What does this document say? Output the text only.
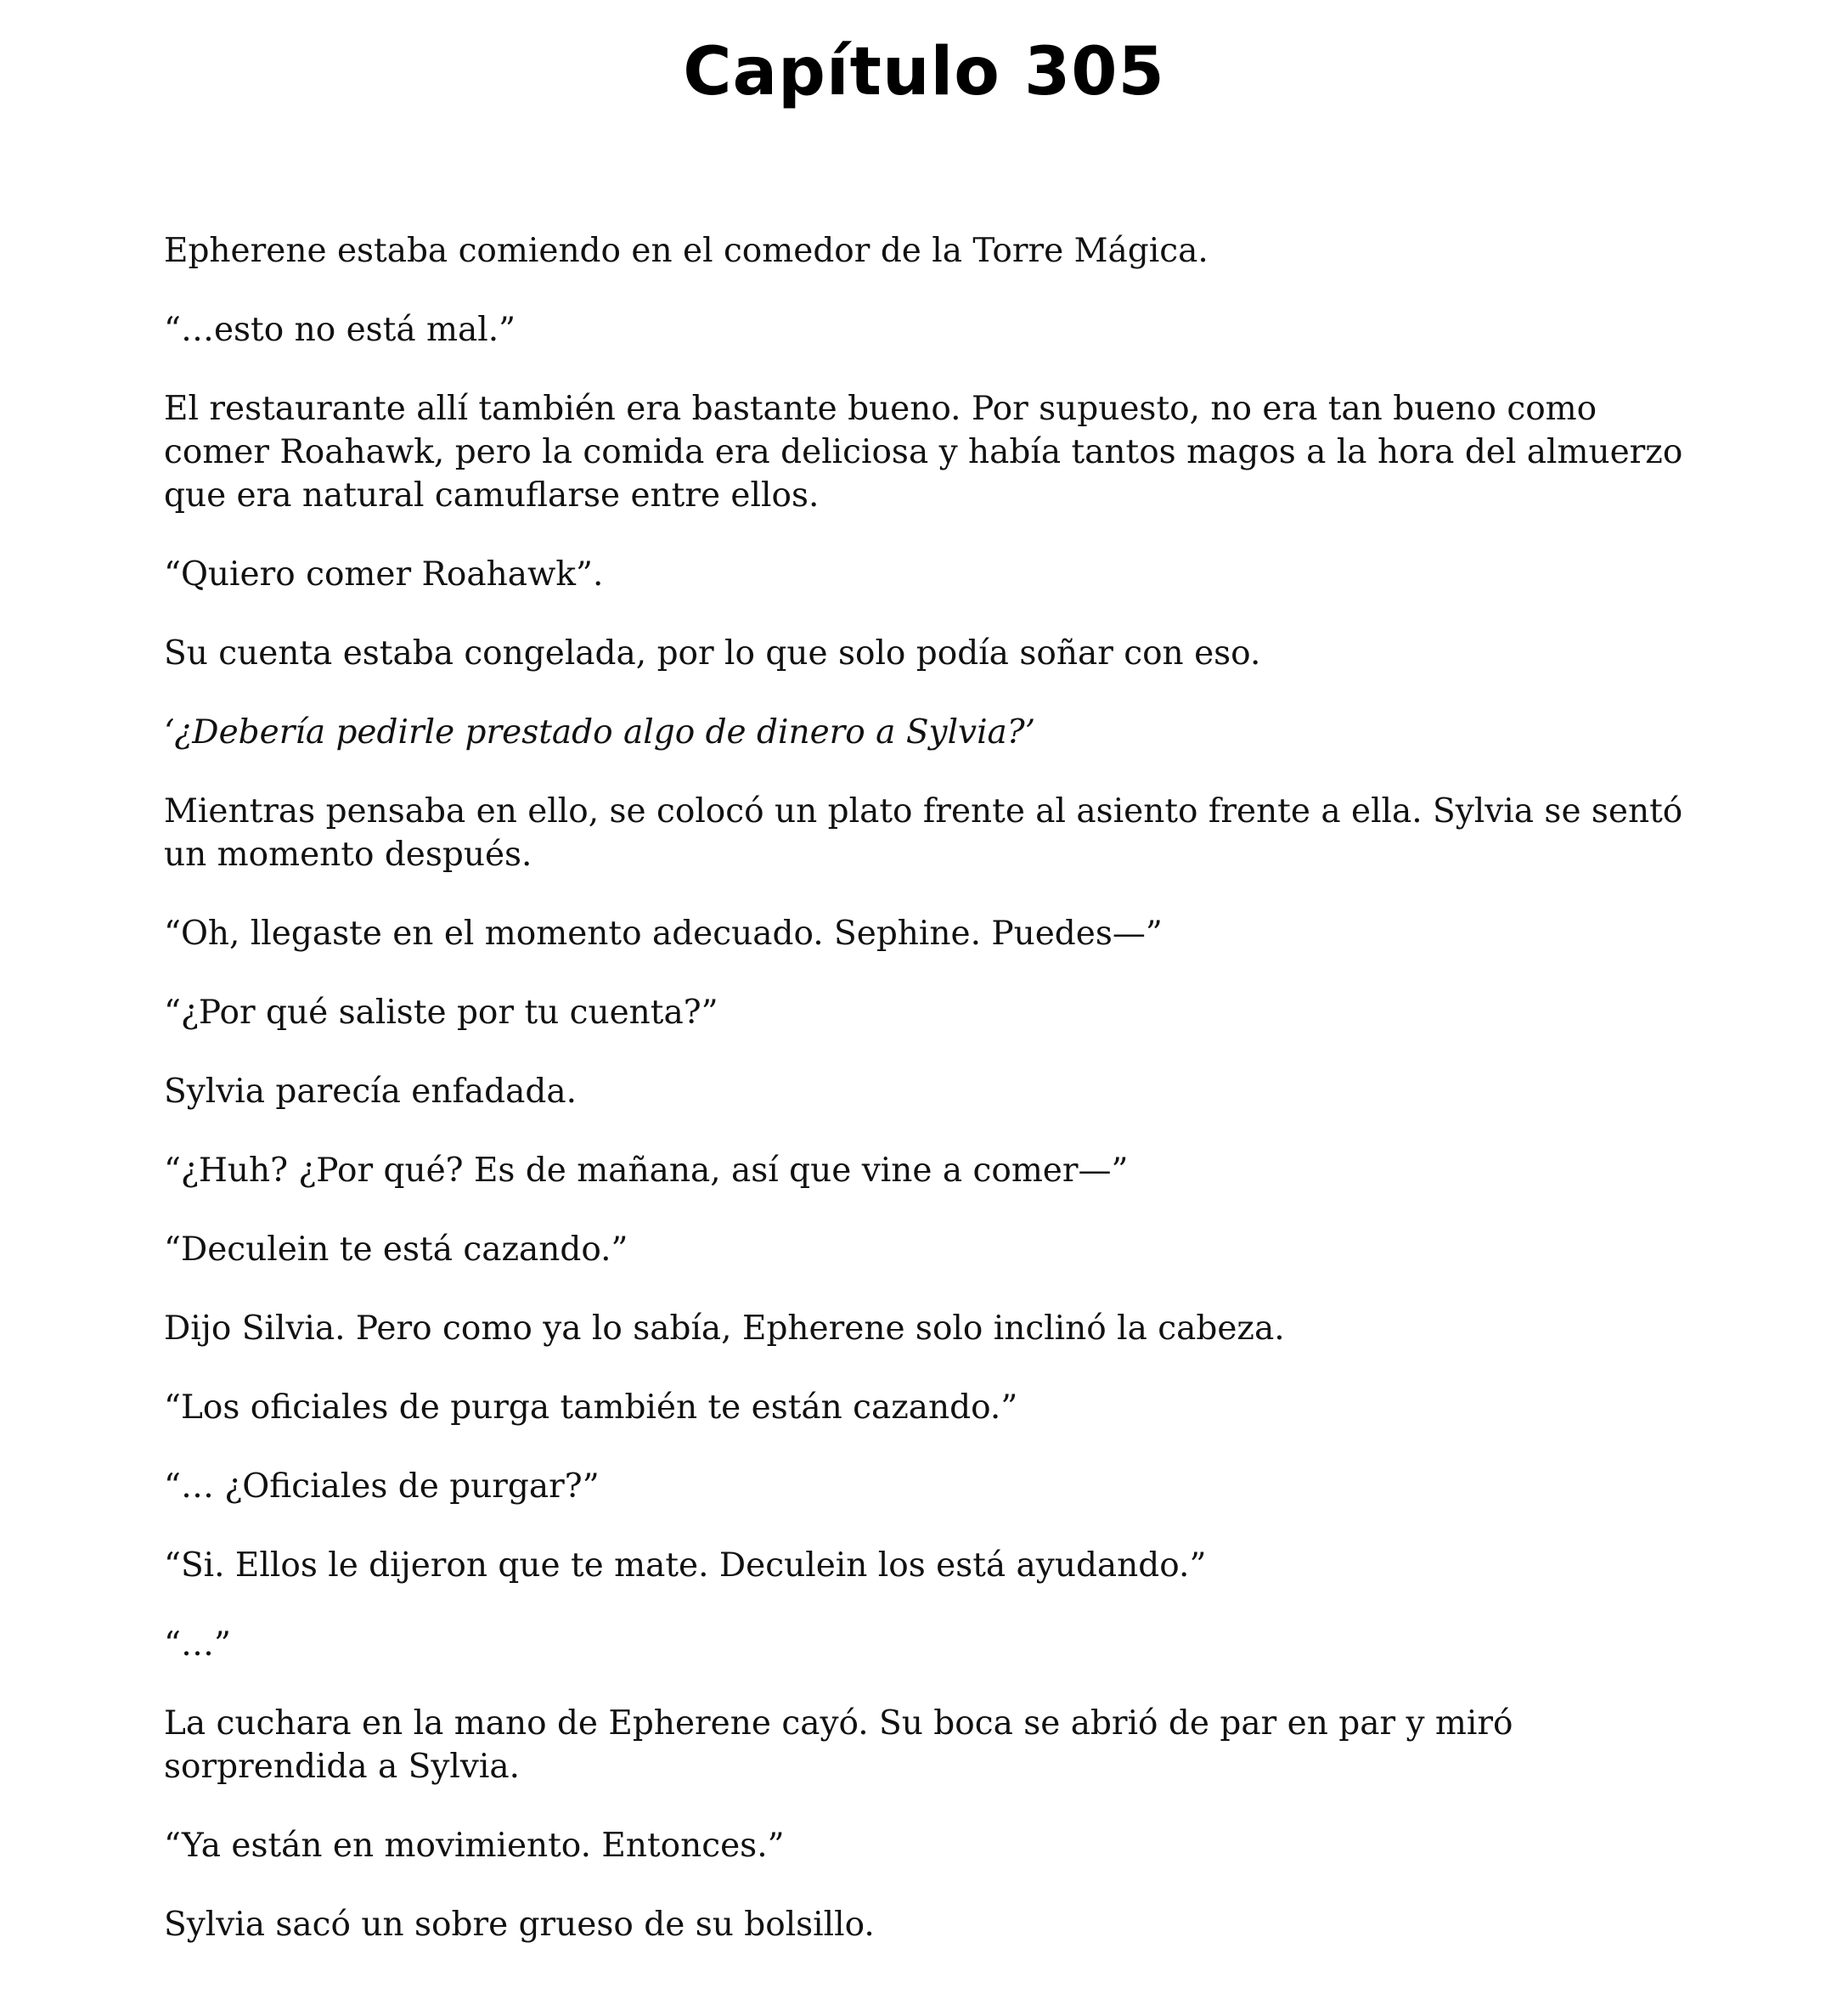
Capítulo 305

Epherene estaba comiendo en el comedor de la Torre Mágica.

“…esto no está mal.”

El restaurante allí también era bastante bueno. Por supuesto, no era tan bueno como comer Roahawk, pero la comida era deliciosa y había tantos magos a la hora del almuerzo que era natural camuflarse entre ellos.

“Quiero comer Roahawk”.

Su cuenta estaba congelada, por lo que solo podía soñar con eso.

‘¿Debería pedirle prestado algo de dinero a Sylvia?’

Mientras pensaba en ello, se colocó un plato frente al asiento frente a ella. Sylvia se sentó un momento después.

“Oh, llegaste en el momento adecuado. Sephine. Puedes—”

“¿Por qué saliste por tu cuenta?”

Sylvia parecía enfadada.

“¿Huh? ¿Por qué? Es de mañana, así que vine a comer—”

“Deculein te está cazando.”

Dijo Silvia. Pero como ya lo sabía, Epherene solo inclinó la cabeza.

“Los oficiales de purga también te están cazando.”

“… ¿Oficiales de purgar?”

“Si. Ellos le dijeron que te mate. Deculein los está ayudando.”

“…”

La cuchara en la mano de Epherene cayó. Su boca se abrió de par en par y miró sorprendida a Sylvia.

“Ya están en movimiento. Entonces.”

Sylvia sacó un sobre grueso de su bolsillo.
